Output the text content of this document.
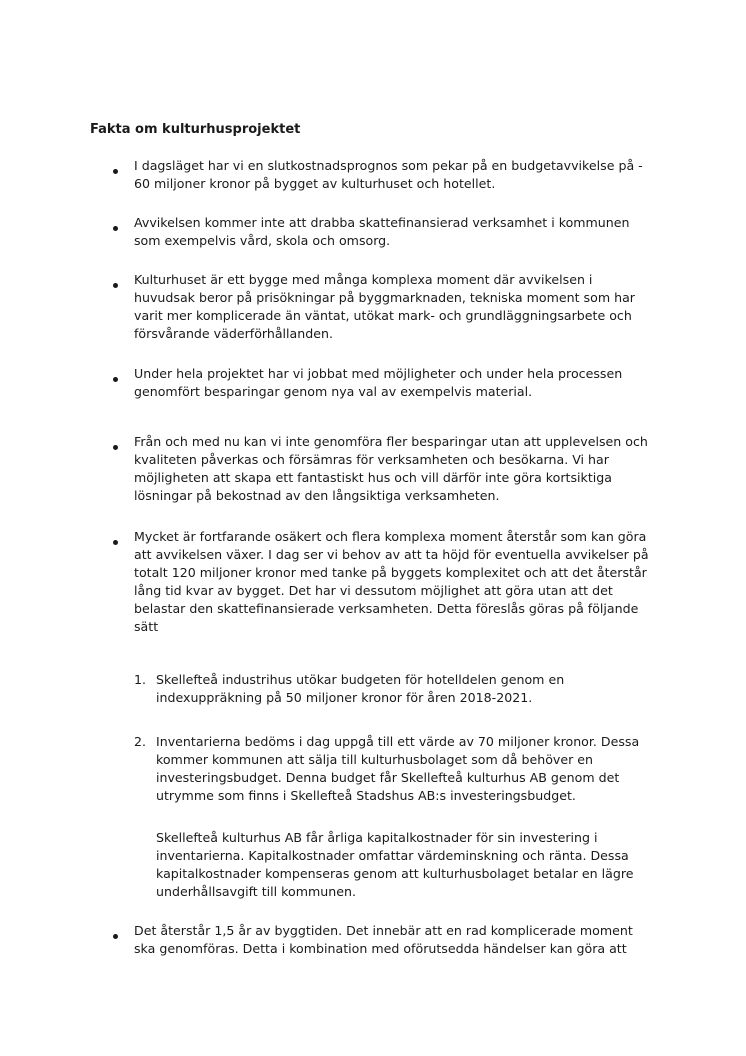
Fakta om kulturhusprojektet
I dagsläget har vi en slutkostnadsprognos som pekar på en budgetavvikelse på -
60 miljoner kronor på bygget av kulturhuset och hotellet.
Avvikelsen kommer inte att drabba skattefinansierad verksamhet i kommunen
som exempelvis vård, skola och omsorg.
Kulturhuset är ett bygge med många komplexa moment där avvikelsen i
huvudsak beror på prisökningar på byggmarknaden, tekniska moment som har
varit mer komplicerade än väntat, utökat mark- och grundläggningsarbete och
försvårande väderförhållanden.
Under hela projektet har vi jobbat med möjligheter och under hela processen
genomfört besparingar genom nya val av exempelvis material.
Från och med nu kan vi inte genomföra fler besparingar utan att upplevelsen och
kvaliteten påverkas och försämras för verksamheten och besökarna. Vi har
möjligheten att skapa ett fantastiskt hus och vill därför inte göra kortsiktiga
lösningar på bekostnad av den långsiktiga verksamheten.
Mycket är fortfarande osäkert och flera komplexa moment återstår som kan göra
att avvikelsen växer. I dag ser vi behov av att ta höjd för eventuella avvikelser på
totalt 120 miljoner kronor med tanke på byggets komplexitet och att det återstår
lång tid kvar av bygget. Det har vi dessutom möjlighet att göra utan att det
belastar den skattefinansierade verksamheten. Detta föreslås göras på följande
sätt
1. Skellefteå industrihus utökar budgeten för hotelldelen genom en
indexuppräkning på 50 miljoner kronor för åren 2018-2021.
2. Inventarierna bedöms i dag uppgå till ett värde av 70 miljoner kronor. Dessa
kommer kommunen att sälja till kulturhusbolaget som då behöver en
investeringsbudget. Denna budget får Skellefteå kulturhus AB genom det
utrymme som finns i Skellefteå Stadshus AB:s investeringsbudget.
Skellefteå kulturhus AB får årliga kapitalkostnader för sin investering i
inventarierna. Kapitalkostnader omfattar värdeminskning och ränta. Dessa
kapitalkostnader kompenseras genom att kulturhusbolaget betalar en lägre
underhållsavgift till kommunen.
Det återstår 1,5 år av byggtiden. Det innebär att en rad komplicerade moment
ska genomföras. Detta i kombination med oförutsedda händelser kan göra att
